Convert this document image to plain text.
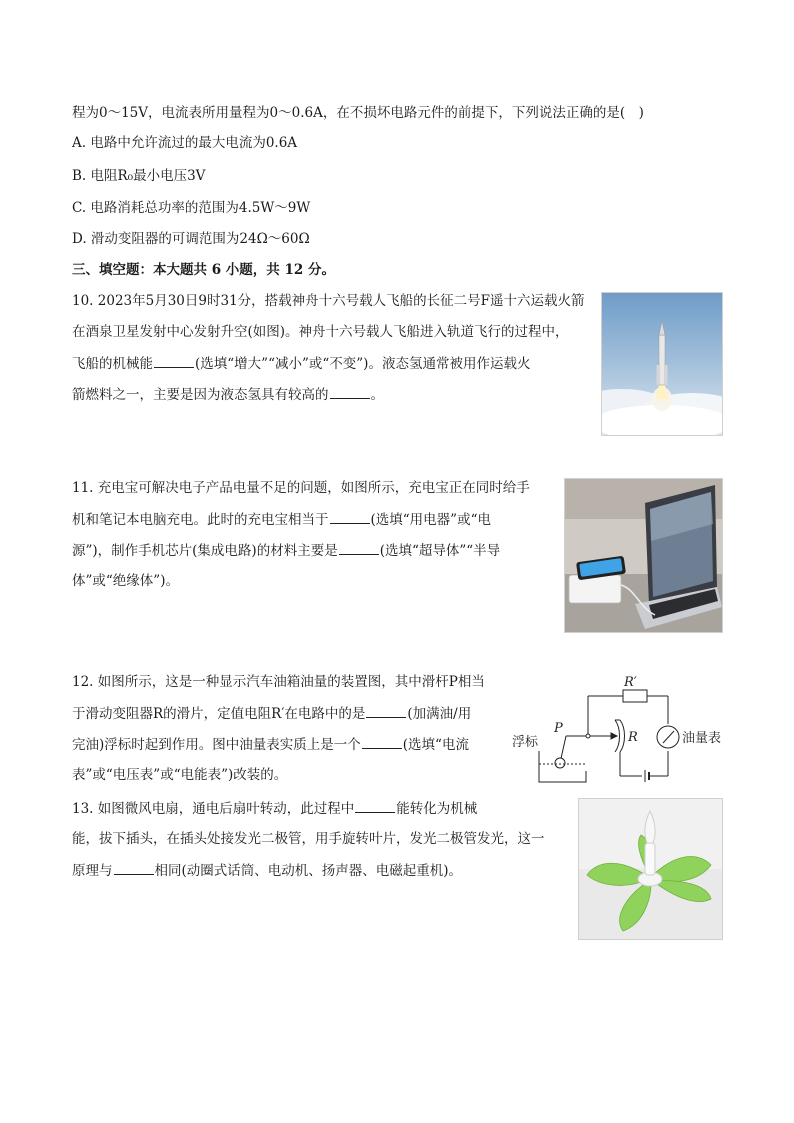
程为0～15V，电流表所用量程为0～0.6A，在不损坏电路元件的前提下，下列说法正确的是(　)
A. 电路中允许流过的最大电流为0.6A
B. 电阻R₀最小电压3V
C. 电路消耗总功率的范围为4.5W～9W
D. 滑动变阻器的可调范围为24Ω～60Ω
三、填空题：本大题共 6 小题，共 12 分。
10. 2023年5月30日9时31分，搭载神舟十六号载人飞船的长征二号F遥十六运载火箭
在酒泉卫星发射中心发射升空(如图)。神舟十六号载人飞船进入轨道飞行的过程中，
飞船的机械能	(选填“增大”“减小”或“不变”)。液态氢通常被用作运载火
箭燃料之一，主要是因为液态氢具有较高的	。
11. 充电宝可解决电子产品电量不足的问题，如图所示，充电宝正在同时给手
机和笔记本电脑充电。此时的充电宝相当于	(选填“用电器”或“电
源”)，制作手机芯片(集成电路)的材料主要是	(选填“超导体”“半导
体”或“绝缘体”)。
12. 如图所示，这是一种显示汽车油箱油量的装置图，其中滑杆P相当
于滑动变阻器R的滑片，定值电阻R′在电路中的是	(加满油/用
完油)浮标时起到作用。图中油量表实质上是一个	(选填“电流
表”或“电压表”或“电能表”)改装的。
R′
P
R
浮标	油量表
13. 如图微风电扇，通电后扇叶转动，此过程中	能转化为机械
能，拔下插头，在插头处接发光二极管，用手旋转叶片，发光二极管发光，这一
原理与	相同(动圈式话筒、电动机、扬声器、电磁起重机)。
